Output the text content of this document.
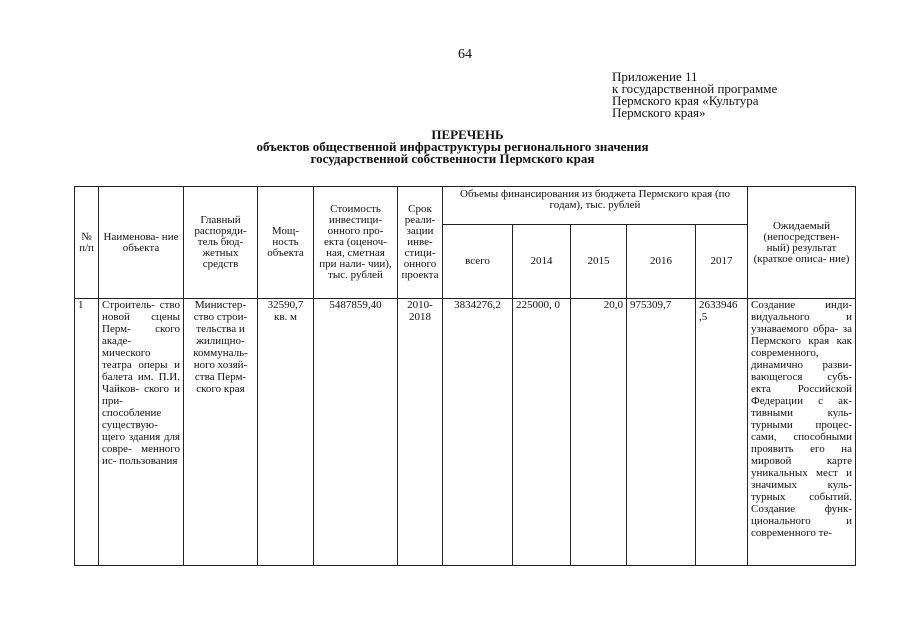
64
Приложение 11
к государственной программе
Пермского края «Культура
Пермского края»
ПЕРЕЧЕНЬ
объектов общественной инфраструктуры регионального значения
государственной собственности Пермского края
№ п/п	Наименова- ние объекта	Главный распоряди- тель бюд- жетных средств	Мощ- ность объекта	Стоимость инвестици- онного про- екта (оценоч- ная, сметная при нали- чии), тыс. рублей	Срок реали- зации инве- стици- онного проекта	Объемы финансирования из бюджета Пермского края (по годам), тыс. рублей					Ожидаемый (непосредствен- ный) результат (краткое описа- ние)
						всего	2014	2015	2016	2017	
1	Строитель- ство новой сцены Перм- ского акаде- мического театра оперы и балета им. П.И. Чайков- ского и при- способление существую- щего здания для совре- менного ис- пользования	Министер- ство строи- тельства и жилищно- коммуналь- ного хозяй- ства Перм- ского края	32590,7 кв. м	5487859,40	2010- 2018	3834276,2	225000, 0	20,0	975309,7	2633946 ,5	Создание инди- видуального и узнаваемого обра- за Пермского края как современного, динамично разви- вающегося субъ- екта Российской Федерации с ак- тивными куль- турными процес- сами, способными проявить его на мировой карте уникальных мест и значимых куль- турных событий. Создание функ- ционального и современного те-
